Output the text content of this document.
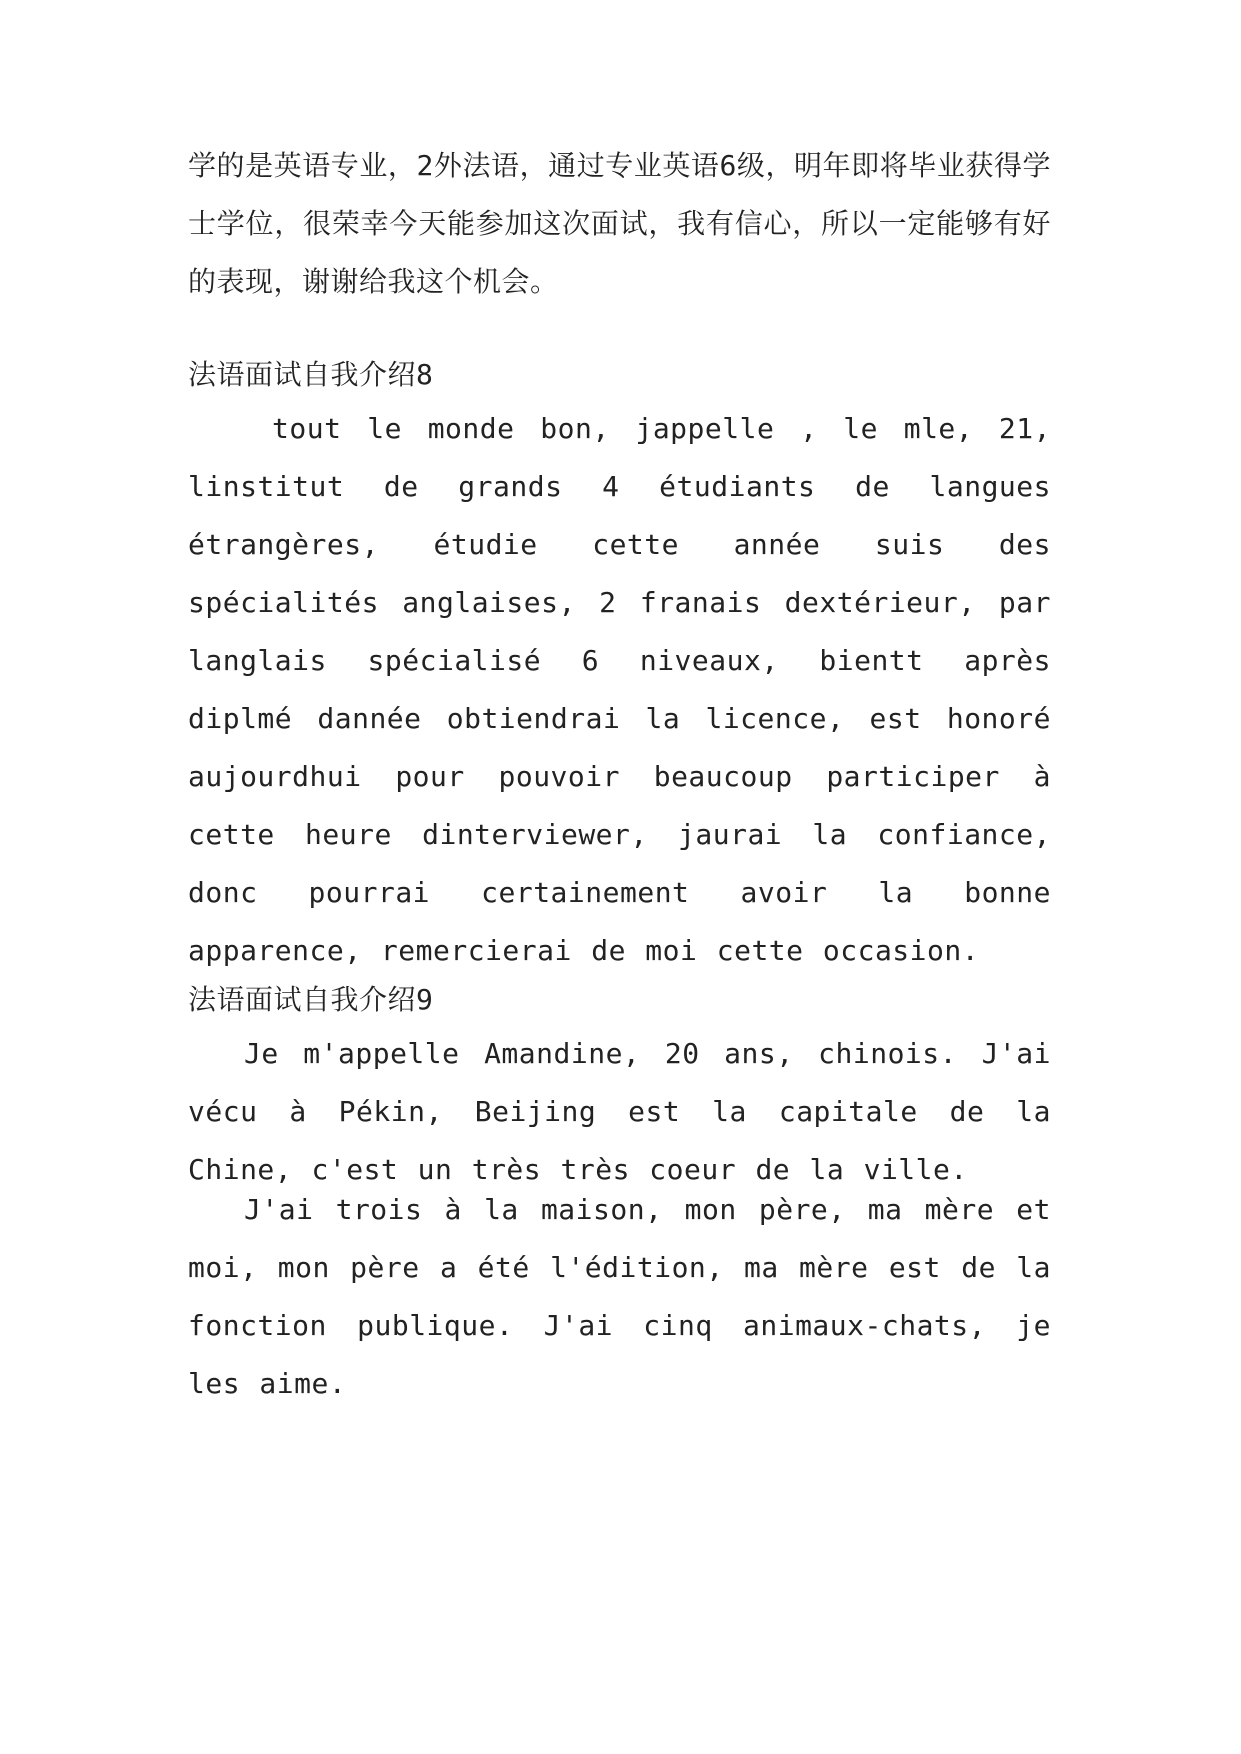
学的是英语专业，2外法语，通过专业英语6级，明年即将毕业获得学士学位，很荣幸今天能参加这次面试，我有信心，所以一定能够有好的表现，谢谢给我这个机会。

法语面试自我介绍8

tout le monde bon, jappelle , le mle, 21, linstitut de grands 4 étudiants de langues étrangères, étudie cette année suis des spécialités anglaises, 2 franais dextérieur, par langlais spécialisé 6 niveaux, bientt après diplmé dannée obtiendrai la licence, est honoré aujourdhui pour pouvoir beaucoup participer à cette heure dinterviewer, jaurai la confiance, donc pourrai certainement avoir la bonne apparence, remercierai de moi cette occasion.

法语面试自我介绍9

Je m'appelle Amandine, 20 ans, chinois. J'ai vécu à Pékin, Beijing est la capitale de la Chine, c'est un très très coeur de la ville.

J'ai trois à la maison, mon père, ma mère et moi, mon père a été l'édition, ma mère est de la fonction publique. J'ai cinq animaux-chats, je les aime.
